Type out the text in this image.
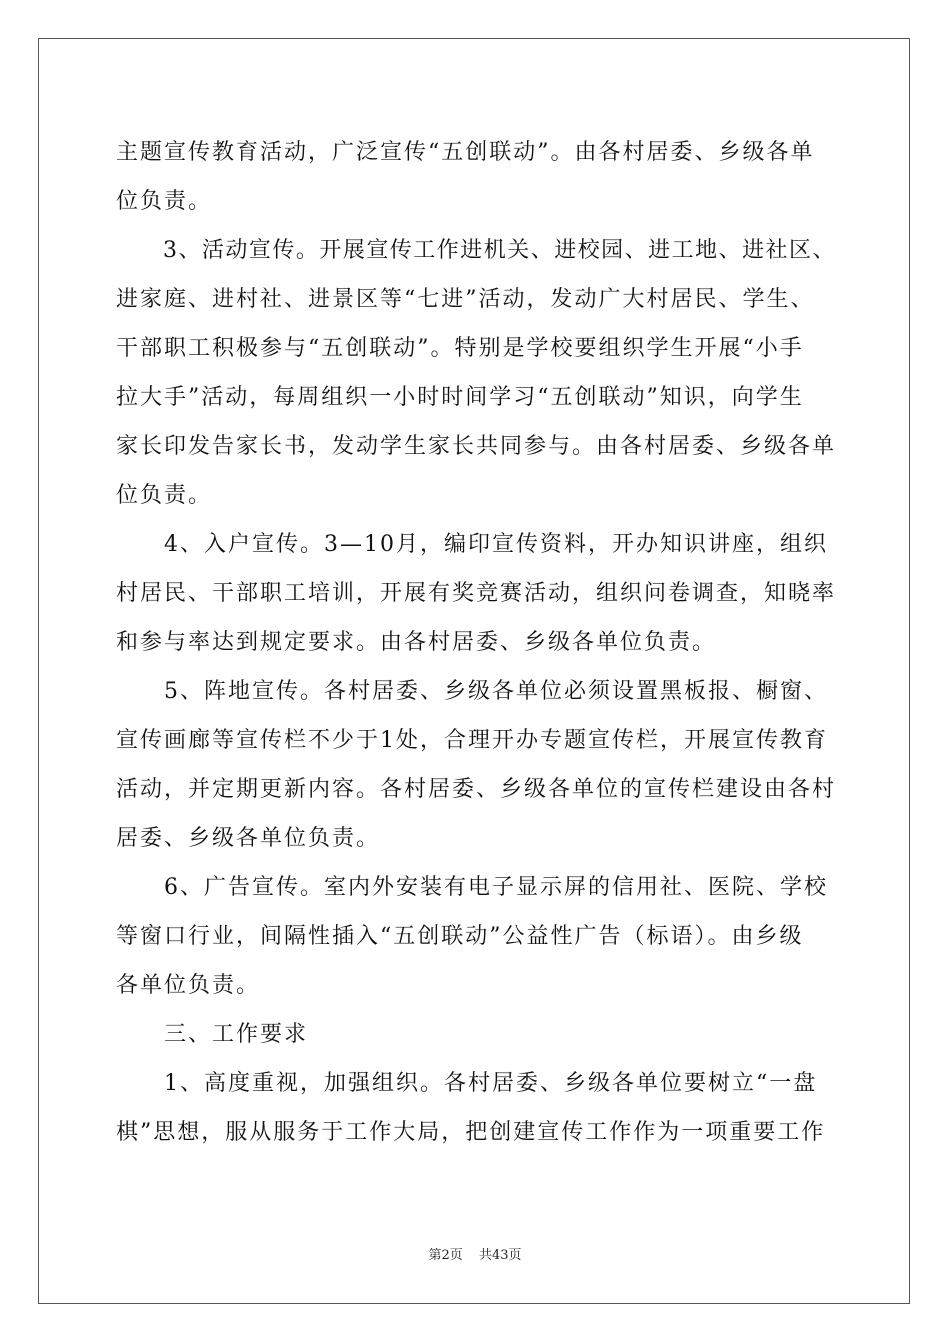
主题宣传教育活动，广泛宣传“五创联动”。由各村居委、乡级各单
位负责。
　　3、活动宣传。开展宣传工作进机关、进校园、进工地、进社区、
进家庭、进村社、进景区等“七进”活动，发动广大村居民、学生、
干部职工积极参与“五创联动”。特别是学校要组织学生开展“小手
拉大手”活动，每周组织一小时时间学习“五创联动”知识，向学生
家长印发告家长书，发动学生家长共同参与。由各村居委、乡级各单
位负责。
　　4、入户宣传。3—10月，编印宣传资料，开办知识讲座，组织
村居民、干部职工培训，开展有奖竞赛活动，组织问卷调查，知晓率
和参与率达到规定要求。由各村居委、乡级各单位负责。
　　5、阵地宣传。各村居委、乡级各单位必须设置黑板报、橱窗、
宣传画廊等宣传栏不少于1处，合理开办专题宣传栏，开展宣传教育
活动，并定期更新内容。各村居委、乡级各单位的宣传栏建设由各村
居委、乡级各单位负责。
　　6、广告宣传。室内外安装有电子显示屏的信用社、医院、学校
等窗口行业，间隔性插入“五创联动”公益性广告（标语）。由乡级
各单位负责。
　　三、工作要求
　　1、高度重视，加强组织。各村居委、乡级各单位要树立“一盘
棋”思想，服从服务于工作大局，把创建宣传工作作为一项重要工作
第2页 共43页
